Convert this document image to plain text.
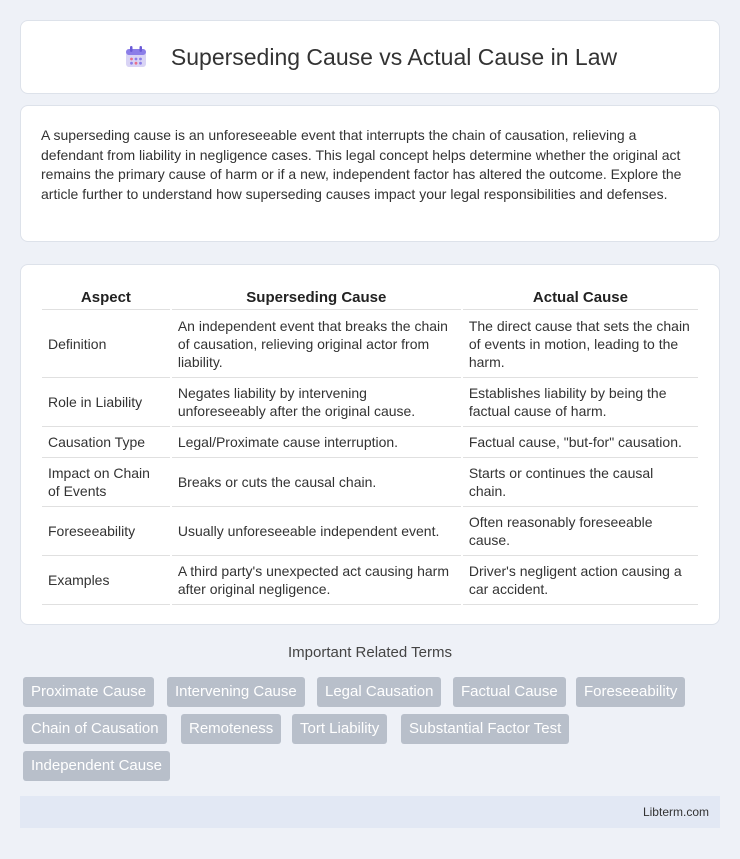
Superseding Cause vs Actual Cause in Law

A superseding cause is an unforeseeable event that interrupts the chain of causation, relieving a defendant from liability in negligence cases. This legal concept helps determine whether the original act remains the primary cause of harm or if a new, independent factor has altered the outcome. Explore the article further to understand how superseding causes impact your legal responsibilities and defenses.

Aspect	Superseding Cause	Actual Cause
Definition	An independent event that breaks the chain of causation, relieving original actor from liability.	The direct cause that sets the chain of events in motion, leading to the harm.
Role in Liability	Negates liability by intervening unforeseeably after the original cause.	Establishes liability by being the factual cause of harm.
Causation Type	Legal/Proximate cause interruption.	Factual cause, "but-for" causation.
Impact on Chain of Events	Breaks or cuts the causal chain.	Starts or continues the causal chain.
Foreseeability	Usually unforeseeable independent event.	Often reasonably foreseeable cause.
Examples	A third party's unexpected act causing harm after original negligence.	Driver's negligent action causing a car accident.
Important Related Terms
Proximate Cause	Intervening Cause	Legal Causation	Factual Cause	Foreseeability
Chain of Causation	Remoteness	Tort Liability	Substantial Factor Test
Independent Cause
Libterm.com
